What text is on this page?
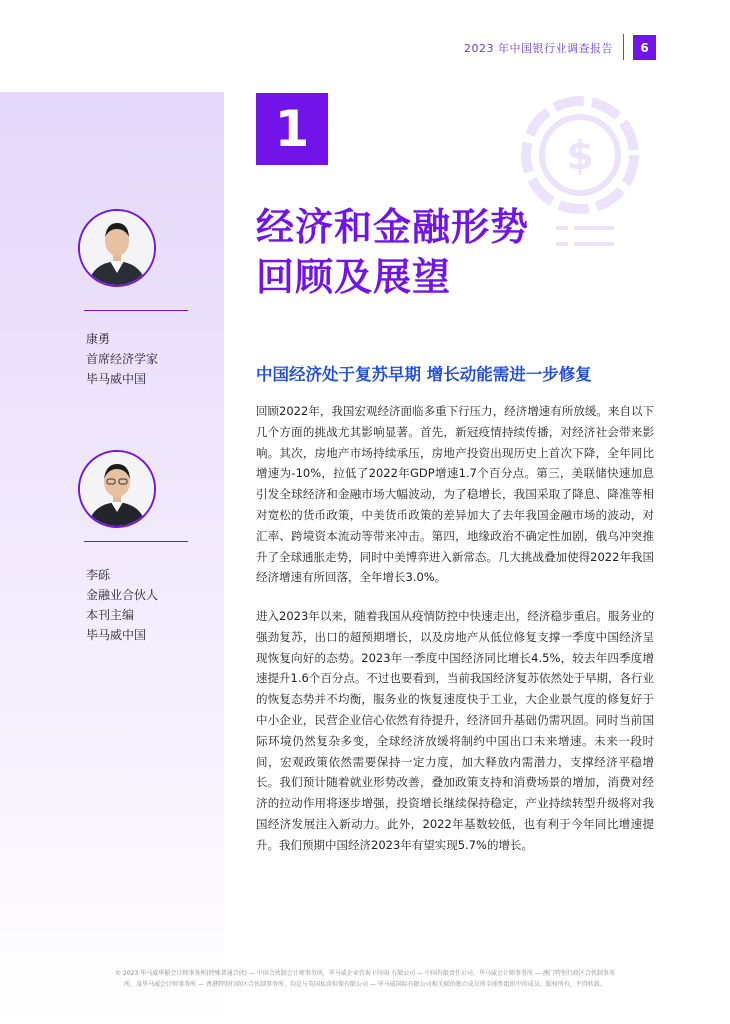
2023 年中国银行业调查报告	6
1	$
经济和金融形势
回顾及展望
康勇
首席经济学家
毕马威中国
李砾
金融业合伙人
本刊主编
毕马威中国
中国经济处于复苏早期 增长动能需进一步修复
回顾2022年，我国宏观经济面临多重下行压力，经济增速有所放缓。来自以下几个方面的挑战尤其影响显著。首先，新冠疫情持续传播，对经济社会带来影响。其次，房地产市场持续承压，房地产投资出现历史上首次下降，全年同比增速为-10%，拉低了2022年GDP增速1.7个百分点。第三，美联储快速加息引发全球经济和金融市场大幅波动，为了稳增长，我国采取了降息、降准等相对宽松的货币政策，中美货币政策的差异加大了去年我国金融市场的波动，对汇率、跨境资本流动等带来冲击。第四，地缘政治不确定性加剧，俄乌冲突推升了全球通胀走势，同时中美博弈进入新常态。几大挑战叠加使得2022年我国经济增速有所回落，全年增长3.0%。
进入2023年以来，随着我国从疫情防控中快速走出，经济稳步重启。服务业的强劲复苏，出口的超预期增长，以及房地产从低位修复支撑一季度中国经济呈现恢复向好的态势。2023年一季度中国经济同比增长4.5%，较去年四季度增速提升1.6个百分点。不过也要看到，当前我国经济复苏依然处于早期，各行业的恢复态势并不均衡，服务业的恢复速度快于工业，大企业景气度的修复好于中小企业，民营企业信心依然有待提升，经济回升基础仍需巩固。同时当前国际环境仍然复杂多变，全球经济放缓将制约中国出口未来增速。未来一段时间，宏观政策依然需要保持一定力度，加大释放内需潜力，支撑经济平稳增长。我们预计随着就业形势改善，叠加政策支持和消费场景的增加，消费对经济的拉动作用将逐步增强，投资增长继续保持稳定，产业持续转型升级将对我国经济发展注入新动力。此外，2022年基数较低，也有利于今年同比增速提升。我们预期中国经济2023年有望实现5.7%的增长。
© 2023 毕马威华振会计师事务所(特殊普通合伙) — 中国合伙制会计师事务所，毕马威企业咨询 (中国) 有限公司 — 中国有限责任公司，毕马威会计师事务所 — 澳门特别行政区合伙制事务
所，及毕马威会计师事务所 — 香港特别行政区合伙制事务所，均是与英国私营担保有限公司 — 毕马威国际有限公司相关联的独立成员所全球性组织中的成员。版权所有，不得转载。
